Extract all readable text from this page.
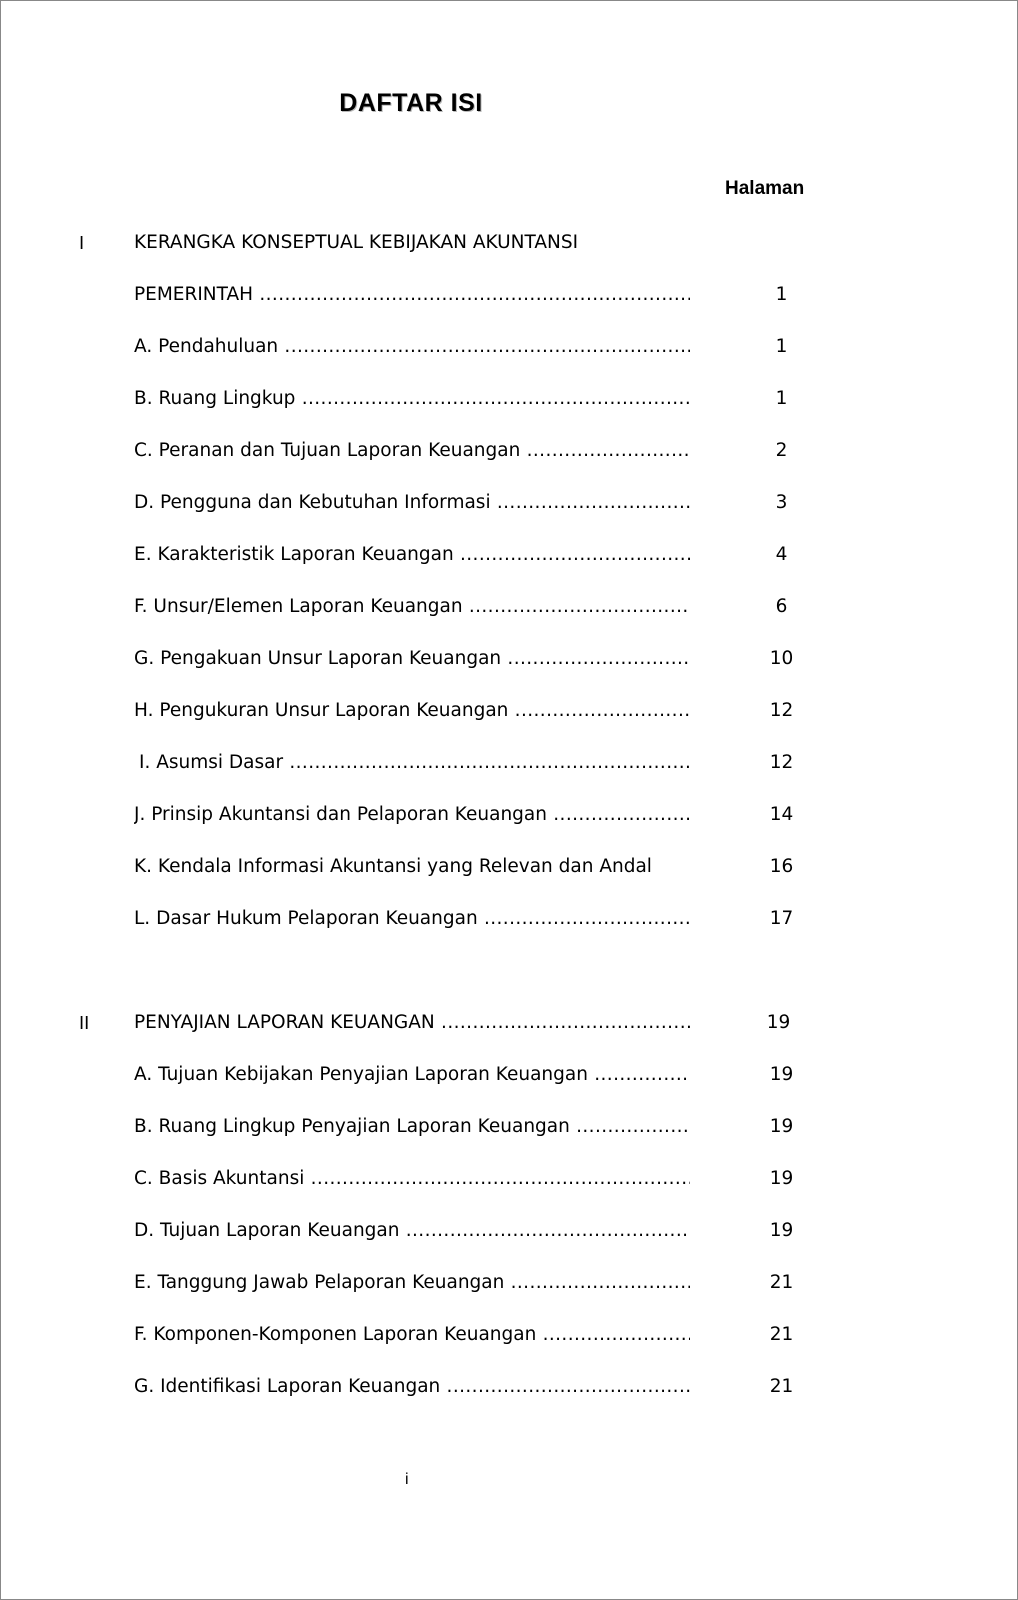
DAFTAR ISI
Halaman
I	KERANGKA KONSEPTUAL KEBIJAKAN AKUNTANSI
PEMERINTAH .....	1
A. Pendahuluan .....	1
B. Ruang Lingkup .....	1
C. Peranan dan Tujuan Laporan Keuangan .....	2
D. Pengguna dan Kebutuhan Informasi .....	3
E. Karakteristik Laporan Keuangan .....	4
F. Unsur/Elemen Laporan Keuangan .....	6
G. Pengakuan Unsur Laporan Keuangan .....	10
H. Pengukuran Unsur Laporan Keuangan .....	12
I. Asumsi Dasar .....	12
J. Prinsip Akuntansi dan Pelaporan Keuangan .....	14
K. Kendala Informasi Akuntansi yang Relevan dan Andal	16
L. Dasar Hukum Pelaporan Keuangan .....	17
II PENYAJIAN LAPORAN KEUANGAN .....	19
A. Tujuan Kebijakan Penyajian Laporan Keuangan .....	19
B. Ruang Lingkup Penyajian Laporan Keuangan .....	19
C. Basis Akuntansi .....	19
D. Tujuan Laporan Keuangan .....	19
E. Tanggung Jawab Pelaporan Keuangan .....	21
F. Komponen-Komponen Laporan Keuangan .....	21
G. Identifikasi Laporan Keuangan .....	21
i
